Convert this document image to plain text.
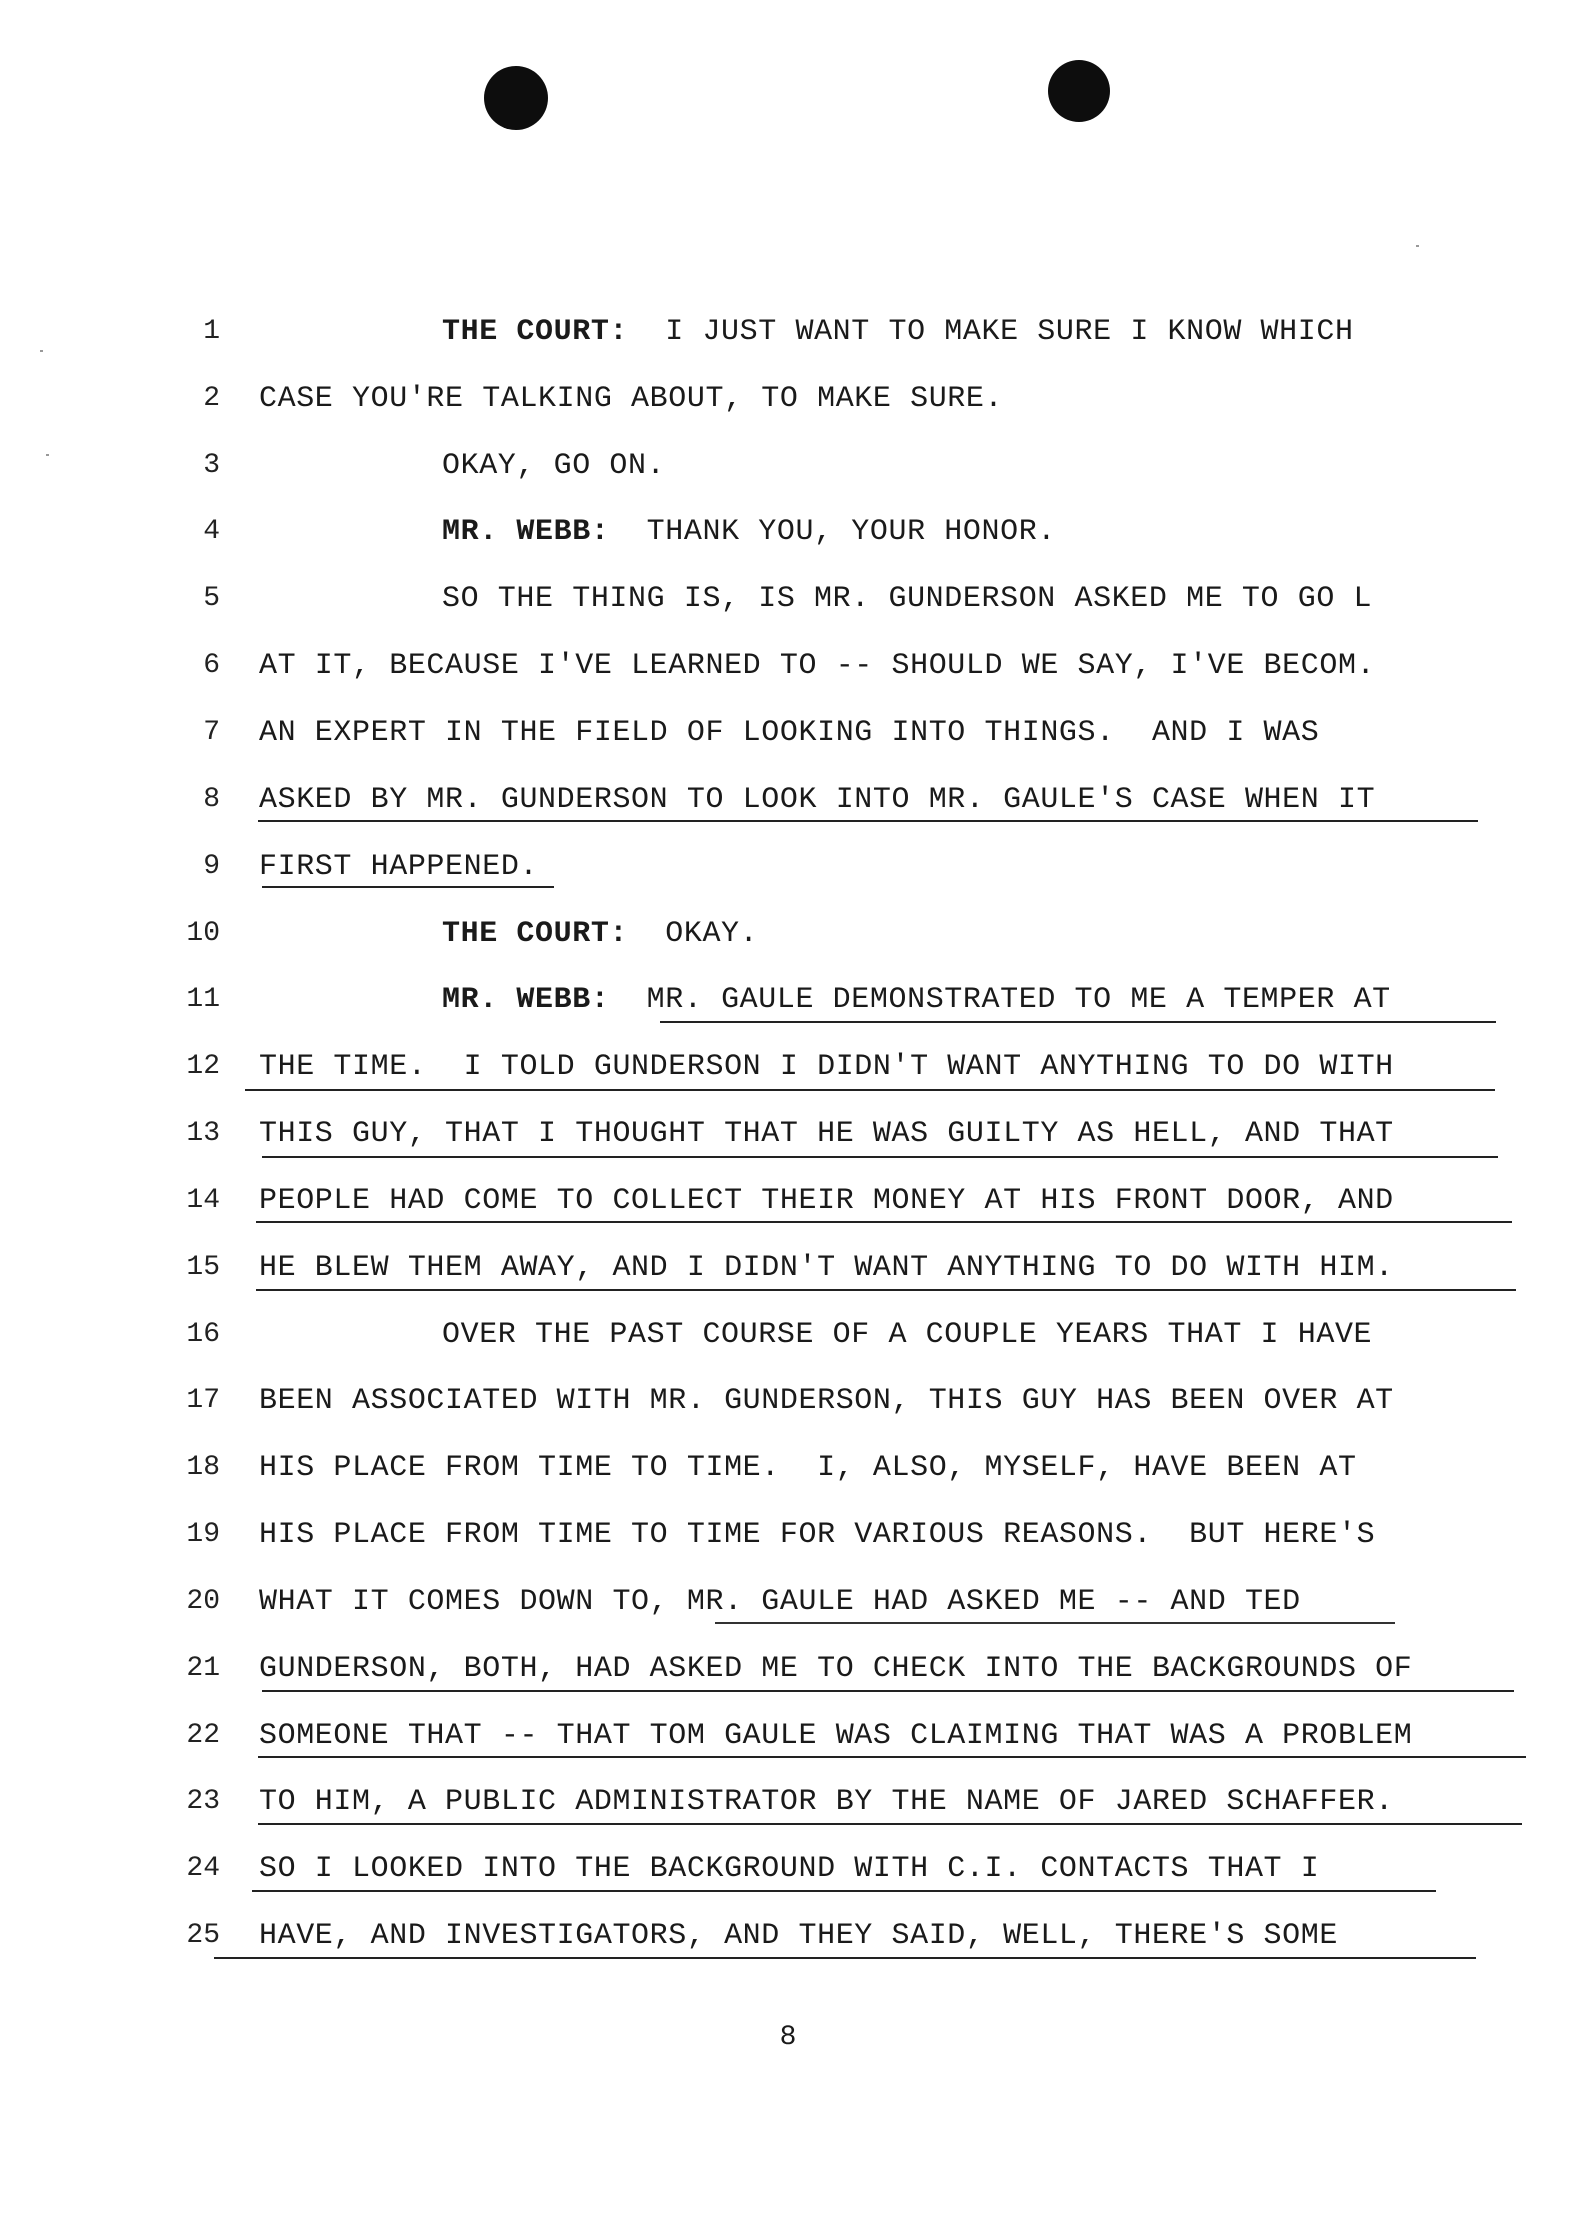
1	THE COURT: I JUST WANT TO MAKE SURE I KNOW WHICH
2 CASE YOU'RE TALKING ABOUT, TO MAKE SURE.
3	OKAY, GO ON.
4	MR. WEBB: THANK YOU, YOUR HONOR.
5	SO THE THING IS, IS MR. GUNDERSON ASKED ME TO GO L
6 AT IT, BECAUSE I'VE LEARNED TO -- SHOULD WE SAY, I'VE BECOM.
7 AN EXPERT IN THE FIELD OF LOOKING INTO THINGS.  AND I WAS
8 ASKED BY MR. GUNDERSON TO LOOK INTO MR. GAULE'S CASE WHEN IT
9 FIRST HAPPENED.
10	THE COURT: OKAY.
11	MR. WEBB: MR. GAULE DEMONSTRATED TO ME A TEMPER AT
12 THE TIME.  I TOLD GUNDERSON I DIDN'T WANT ANYTHING TO DO WITH
13 THIS GUY, THAT I THOUGHT THAT HE WAS GUILTY AS HELL, AND THAT
14 PEOPLE HAD COME TO COLLECT THEIR MONEY AT HIS FRONT DOOR, AND
15 HE BLEW THEM AWAY, AND I DIDN'T WANT ANYTHING TO DO WITH HIM.
16	OVER THE PAST COURSE OF A COUPLE YEARS THAT I HAVE
17 BEEN ASSOCIATED WITH MR. GUNDERSON, THIS GUY HAS BEEN OVER AT
18 HIS PLACE FROM TIME TO TIME.  I, ALSO, MYSELF, HAVE BEEN AT
19 HIS PLACE FROM TIME TO TIME FOR VARIOUS REASONS.  BUT HERE'S
20 WHAT IT COMES DOWN TO, MR. GAULE HAD ASKED ME -- AND TED
21 GUNDERSON, BOTH, HAD ASKED ME TO CHECK INTO THE BACKGROUNDS OF
22 SOMEONE THAT -- THAT TOM GAULE WAS CLAIMING THAT WAS A PROBLEM
23 TO HIM, A PUBLIC ADMINISTRATOR BY THE NAME OF JARED SCHAFFER.
24 SO I LOOKED INTO THE BACKGROUND WITH C.I. CONTACTS THAT I
25 HAVE, AND INVESTIGATORS, AND THEY SAID, WELL, THERE'S SOME
8
